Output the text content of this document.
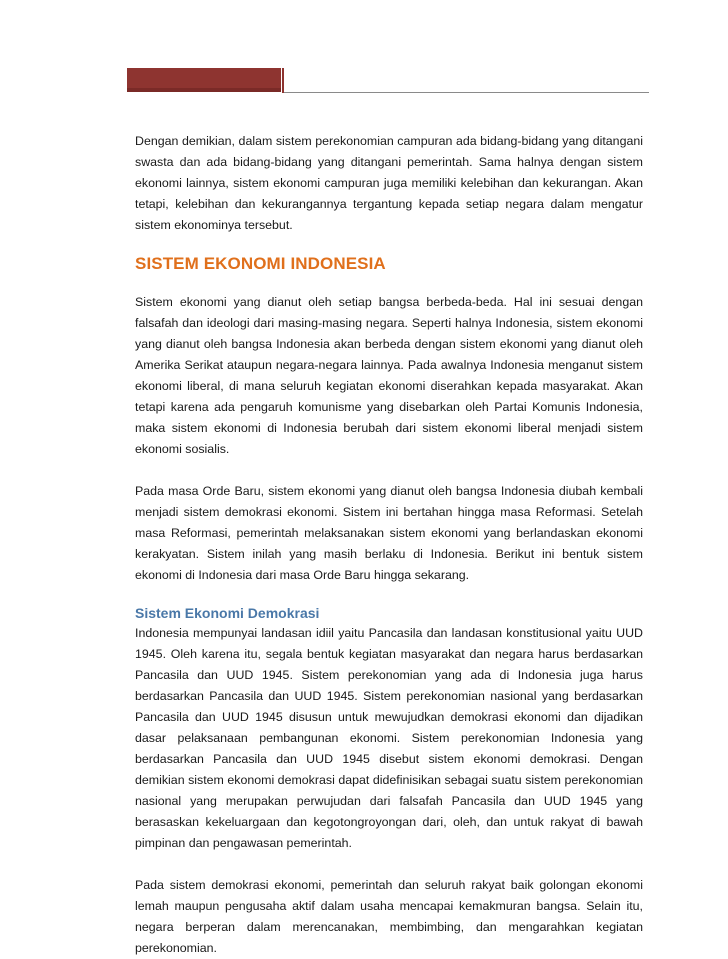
Dengan demikian, dalam sistem perekonomian campuran ada bidang-bidang yang ditangani swasta dan ada bidang-bidang yang ditangani pemerintah. Sama halnya dengan sistem ekonomi lainnya, sistem ekonomi campuran juga memiliki kelebihan dan kekurangan. Akan tetapi, kelebihan dan kekurangannya tergantung kepada setiap negara dalam mengatur sistem ekonominya tersebut.

SISTEM EKONOMI INDONESIA

Sistem ekonomi yang dianut oleh setiap bangsa berbeda-beda. Hal ini sesuai dengan falsafah dan ideologi dari masing-masing negara. Seperti halnya Indonesia, sistem ekonomi yang dianut oleh bangsa Indonesia akan berbeda dengan sistem ekonomi yang dianut oleh Amerika Serikat ataupun negara-negara lainnya. Pada awalnya Indonesia menganut sistem ekonomi liberal, di mana seluruh kegiatan ekonomi diserahkan kepada masyarakat. Akan tetapi karena ada pengaruh komunisme yang disebarkan oleh Partai Komunis Indonesia, maka sistem ekonomi di Indonesia berubah dari sistem ekonomi liberal menjadi sistem ekonomi sosialis.

Pada masa Orde Baru, sistem ekonomi yang dianut oleh bangsa Indonesia diubah kembali menjadi sistem demokrasi ekonomi. Sistem ini bertahan hingga masa Reformasi. Setelah masa Reformasi, pemerintah melaksanakan sistem ekonomi yang berlandaskan ekonomi kerakyatan. Sistem inilah yang masih berlaku di Indonesia. Berikut ini bentuk sistem ekonomi di Indonesia dari masa Orde Baru hingga sekarang.

Sistem Ekonomi Demokrasi

Indonesia mempunyai landasan idiil yaitu Pancasila dan landasan konstitusional yaitu UUD 1945. Oleh karena itu, segala bentuk kegiatan masyarakat dan negara harus berdasarkan Pancasila dan UUD 1945. Sistem perekonomian yang ada di Indonesia juga harus berdasarkan Pancasila dan UUD 1945. Sistem perekonomian nasional yang berdasarkan Pancasila dan UUD 1945 disusun untuk mewujudkan demokrasi ekonomi dan dijadikan dasar pelaksanaan pembangunan ekonomi. Sistem perekonomian Indonesia yang berdasarkan Pancasila dan UUD 1945 disebut sistem ekonomi demokrasi. Dengan demikian sistem ekonomi demokrasi dapat didefinisikan sebagai suatu sistem perekonomian nasional yang merupakan perwujudan dari falsafah Pancasila dan UUD 1945 yang berasaskan kekeluargaan dan kegotongroyongan dari, oleh, dan untuk rakyat di bawah pimpinan dan pengawasan pemerintah.

Pada sistem demokrasi ekonomi, pemerintah dan seluruh rakyat baik golongan ekonomi lemah maupun pengusaha aktif dalam usaha mencapai kemakmuran bangsa. Selain itu, negara berperan dalam merencanakan, membimbing, dan mengarahkan kegiatan perekonomian.
